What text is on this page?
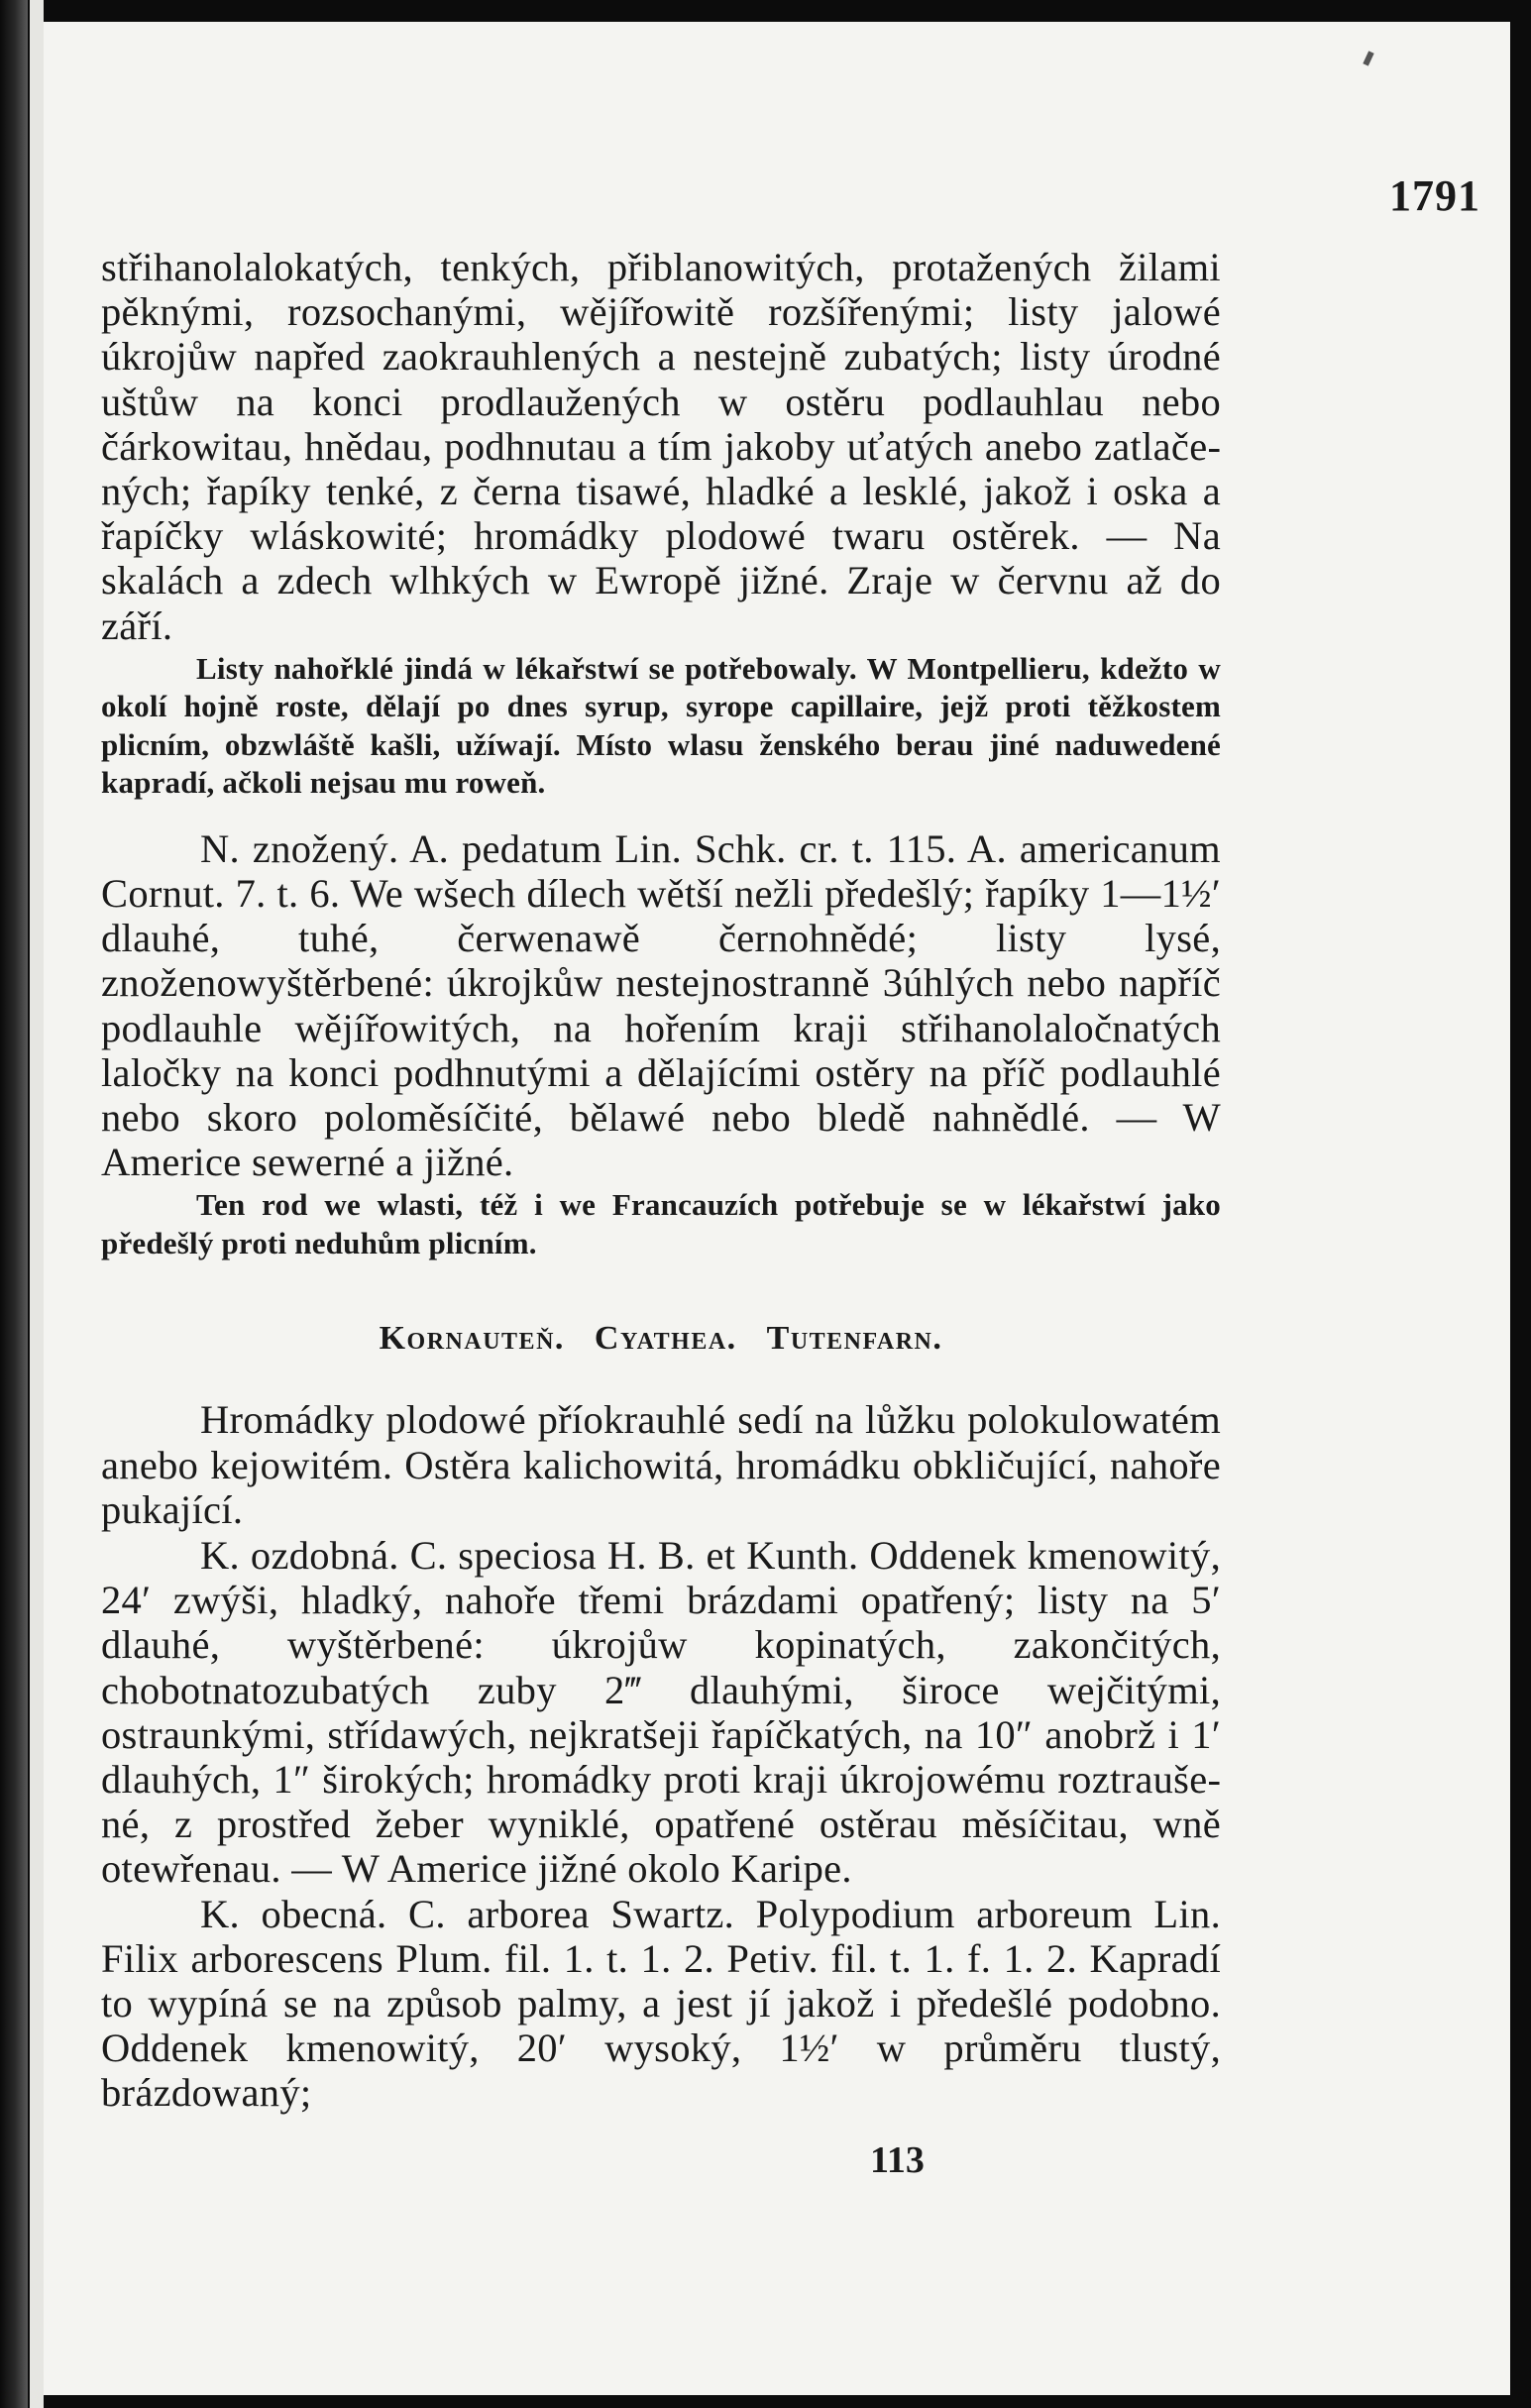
1791

střihanolalokatých, tenkých, přiblanowitých, protažených žilami pěknými, rozsochanými, wějířowitě rozšířenými; listy jalowé úkrojůw napřed zaokrauhlených a nestejně zubatých; listy úrodné uštůw na konci prodlaužených w ostěru podlauhlau nebo čárkowitau, hnědau, podhnutau a tím jakoby uťatých anebo zatlačených; řapíky tenké, z černa tisawé, hladké a lesklé, jakož i oska a řapíčky wláskowité; hromádky plodowé twaru ostěrek. — Na skalách a zdech wlhkých w Ewropě jižné. Zraje w červnu až do září.

Listy nahořklé jindá w lékařstwí se potřebowaly. W Montpellieru, kdežto w okolí hojně roste, dělají po dnes syrup, syrope capillaire, jejž proti těžkostem plicním, obzwláště kašli, užíwají. Místo wlasu ženského berau jiné naduwedené kapradí, ačkoli nejsau mu roweň.

N. znožený. A. pedatum Lin. Schk. cr. t. 115. A. americanum Cornut. 7. t. 6. We wšech dílech wětší nežli předešlý; řapíky 1—1½′ dlauhé, tuhé, čerwenawě černohnědé; listy lysé, znoženowyštěrbené: úkrojkůw nestejnostranně 3úhlých nebo napříč podlauhle wějířowitých, na hořením kraji střihanolaločnatých laločky na konci podhnutými a dělajícími ostěry na příč podlauhlé nebo skoro poloměsíčité, bělawé nebo bledě nahnědlé. — W Americe sewerné a jižné.

Ten rod we wlasti, též i we Francauzích potřebuje se w lékařstwí jako předešlý proti neduhům plicním.

Kornauteň. Cyathea. Tutenfarn.

Hromádky plodowé příokrauhlé sedí na lůžku polokulowatém anebo kejowitém. Ostěra kalichowitá, hromádku obkličující, nahoře pukající.

K. ozdobná. C. speciosa H. B. et Kunth. Oddenek kmenowitý, 24′ zwýši, hladký, nahoře třemi brázdami opatřený; listy na 5′ dlauhé, wyštěrbené: úkrojůw kopinatých, zakončitých, chobotnatozubatých zuby 2‴ dlauhými, široce wejčitými, ostraunkými, střídawých, nejkratšeji řapíčkatých, na 10″ anobrž i 1′ dlauhých, 1″ širokých; hromádky proti kraji úkrojowému roztraušené, z prostřed žeber wyniklé, opatřené ostěrau měsíčitau, wně otewřenau. — W Americe jižné okolo Karipe.

K. obecná. C. arborea Swartz. Polypodium arboreum Lin. Filix arborescens Plum. fil. 1. t. 1. 2. Petiv. fil. t. 1. f. 1. 2. Kapradí to wypíná se na způsob palmy, a jest jí jakož i předešlé podobno. Oddenek kmenowitý, 20′ wysoký, 1½′ w průměru tlustý, brázdowaný;

113
